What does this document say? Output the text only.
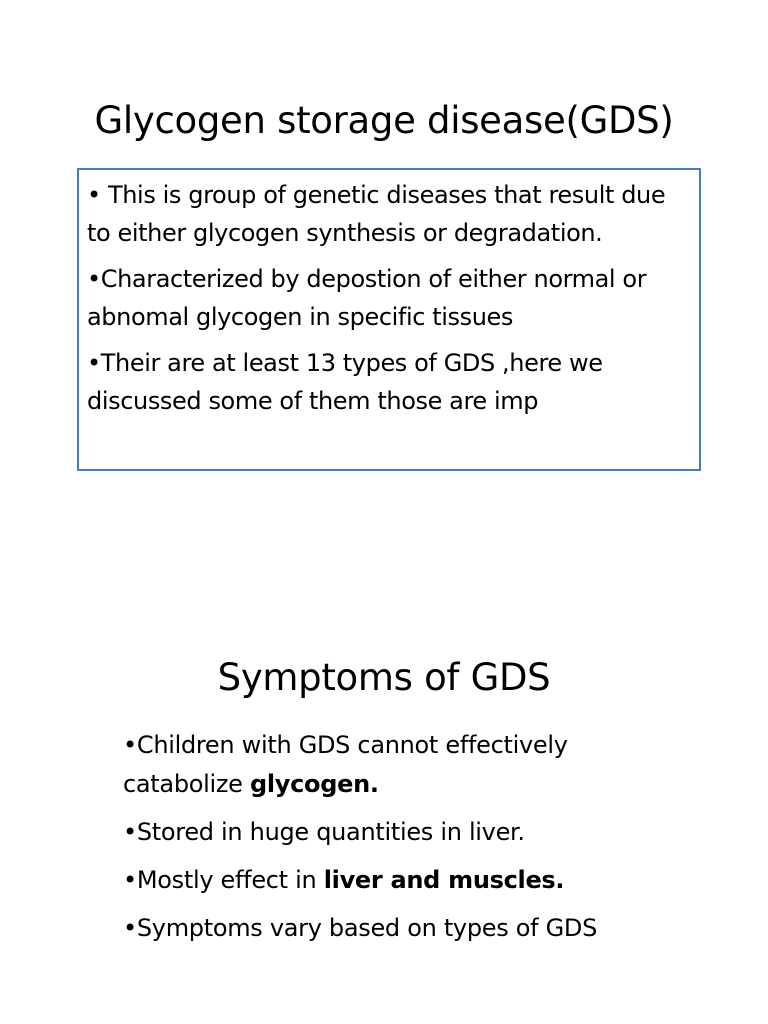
Glycogen storage disease(GDS)

• This is group of genetic diseases that result due to either glycogen synthesis or degradation.

•Characterized by depostion of either normal or abnomal glycogen in specific tissues

•Their are at least 13 types of GDS ,here we discussed some of them those are imp

Symptoms of GDS

•Children with GDS cannot effectively catabolize glycogen.

•Stored in huge quantities in liver.

•Mostly effect in liver and muscles.

•Symptoms vary based on types of GDS
